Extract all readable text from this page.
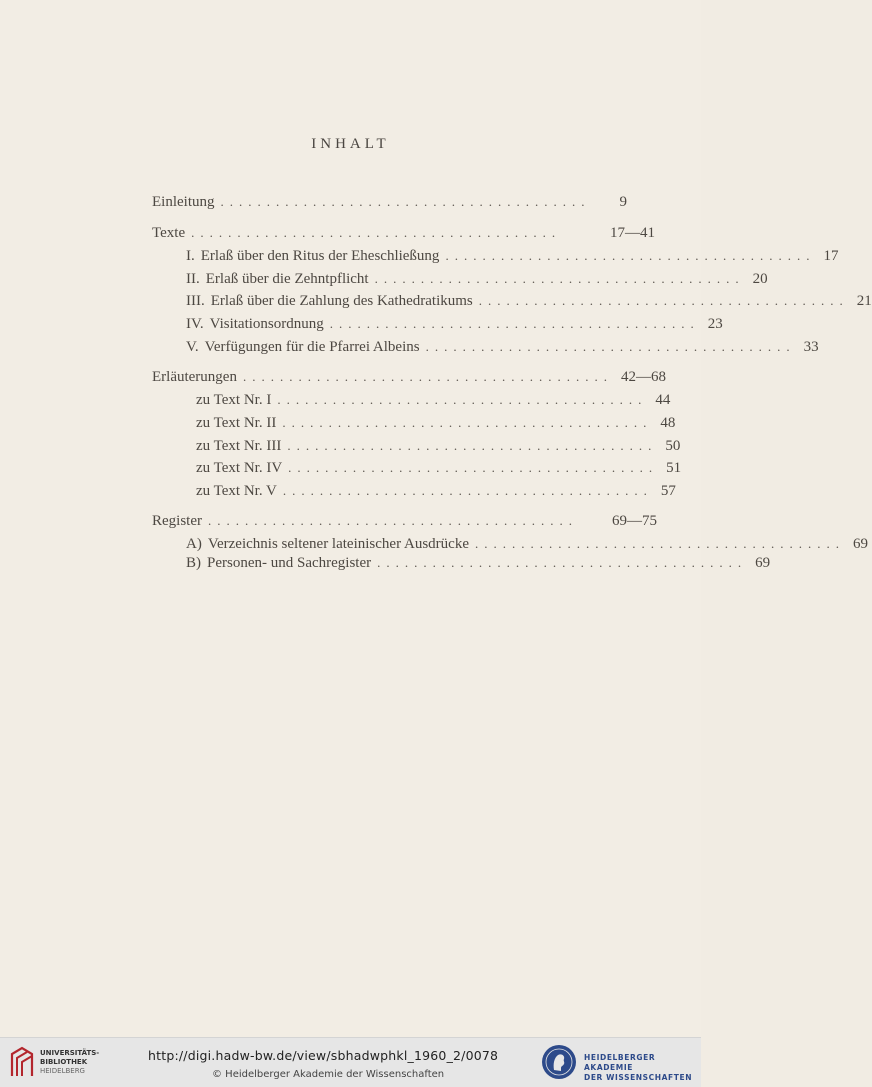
INHALT
Einleitung ........................................	9
Texte ........................................	17—41
I. Erlaß über den Ritus der Eheschließung ........................................ 17
II. Erlaß über die Zehntpflicht ........................................ 20
III. Erlaß über die Zahlung des Kathedratikums ........................................ 21
IV. Visitationsordnung ........................................ 23
V. Verfügungen für die Pfarrei Albeins ........................................ 33
Erläuterungen ........................................ 42—68
zu Text Nr. I ........................................ 44
zu Text Nr. II ........................................ 48
zu Text Nr. III ........................................ 50
zu Text Nr. IV ........................................ 51
zu Text Nr. V ........................................ 57
Register ........................................	69—75
A) Verzeichnis seltener lateinischer Ausdrücke ........................................ 69
B) Personen- und Sachregister ........................................ 69
UNIVERSITÄTS-
BIBLIOTHEK
HEIDELBERG
http://digi.hadw-bw.de/view/sbhadwphkl_1960_2/0078
© Heidelberger Akademie der Wissenschaften
HEIDELBERGER AKADEMIE
DER WISSENSCHAFTEN
